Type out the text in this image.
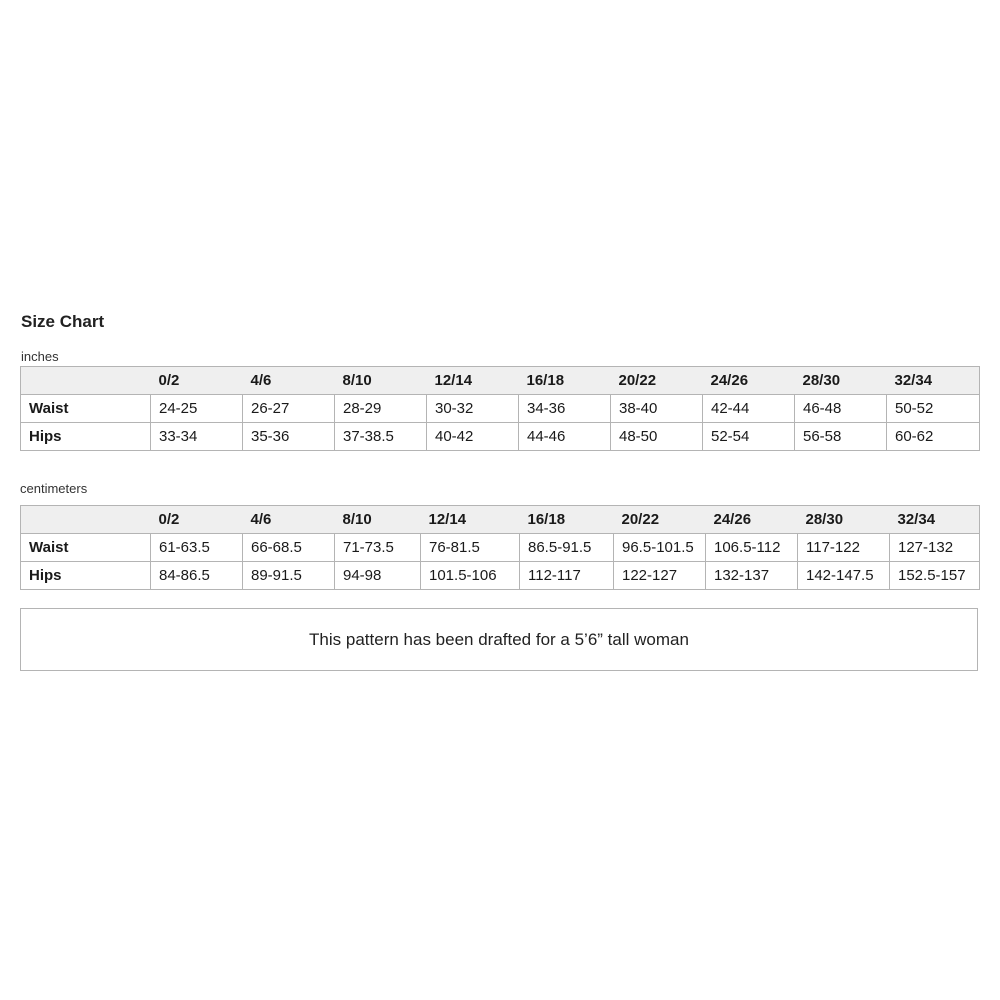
Size Chart
inches
	0/2	4/6	8/10	12/14	16/18	20/22	24/26	28/30	32/34
Waist	24-25	26-27	28-29	30-32	34-36	38-40	42-44	46-48	50-52
Hips	33-34	35-36	37-38.5	40-42	44-46	48-50	52-54	56-58	60-62
centimeters
	0/2	4/6	8/10	12/14	16/18	20/22	24/26	28/30	32/34
Waist	61-63.5	66-68.5	71-73.5	76-81.5	86.5-91.5	96.5-101.5	106.5-112	117-122	127-132
Hips	84-86.5	89-91.5	94-98	101.5-106	112-117	122-127	132-137	142-147.5	152.5-157
This pattern has been drafted for a 5’6” tall woman
